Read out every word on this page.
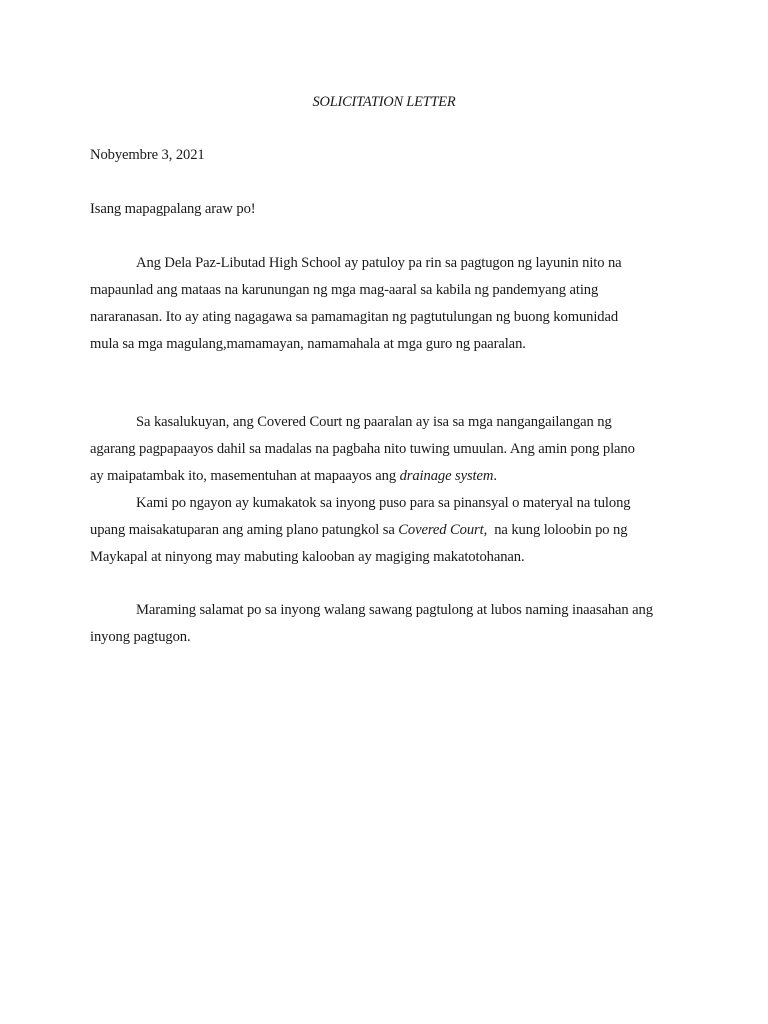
SOLICITATION LETTER
Nobyembre 3, 2021
Isang mapagpalang araw po!

Ang Dela Paz-Libutad High School ay patuloy pa rin sa pagtugon ng layunin nito na
mapaunlad ang mataas na karunungan ng mga mag-aaral sa kabila ng pandemyang ating
nararanasan. Ito ay ating nagagawa sa pamamagitan ng pagtutulungan ng buong komunidad
mula sa mga magulang,mamamayan, namamahala at mga guro ng paaralan.

Sa kasalukuyan, ang Covered Court ng paaralan ay isa sa mga nangangailangan ng
agarang pagpapaayos dahil sa madalas na pagbaha nito tuwing umuulan. Ang amin pong plano
ay maipatambak ito, masementuhan at mapaayos ang drainage system.

Kami po ngayon ay kumakatok sa inyong puso para sa pinansyal o materyal na tulong
upang maisakatuparan ang aming plano patungkol sa Covered Court,  na kung loloobin po ng
Maykapal at ninyong may mabuting kalooban ay magiging makatotohanan.

Maraming salamat po sa inyong walang sawang pagtulong at lubos naming inaasahan ang
inyong pagtugon.
